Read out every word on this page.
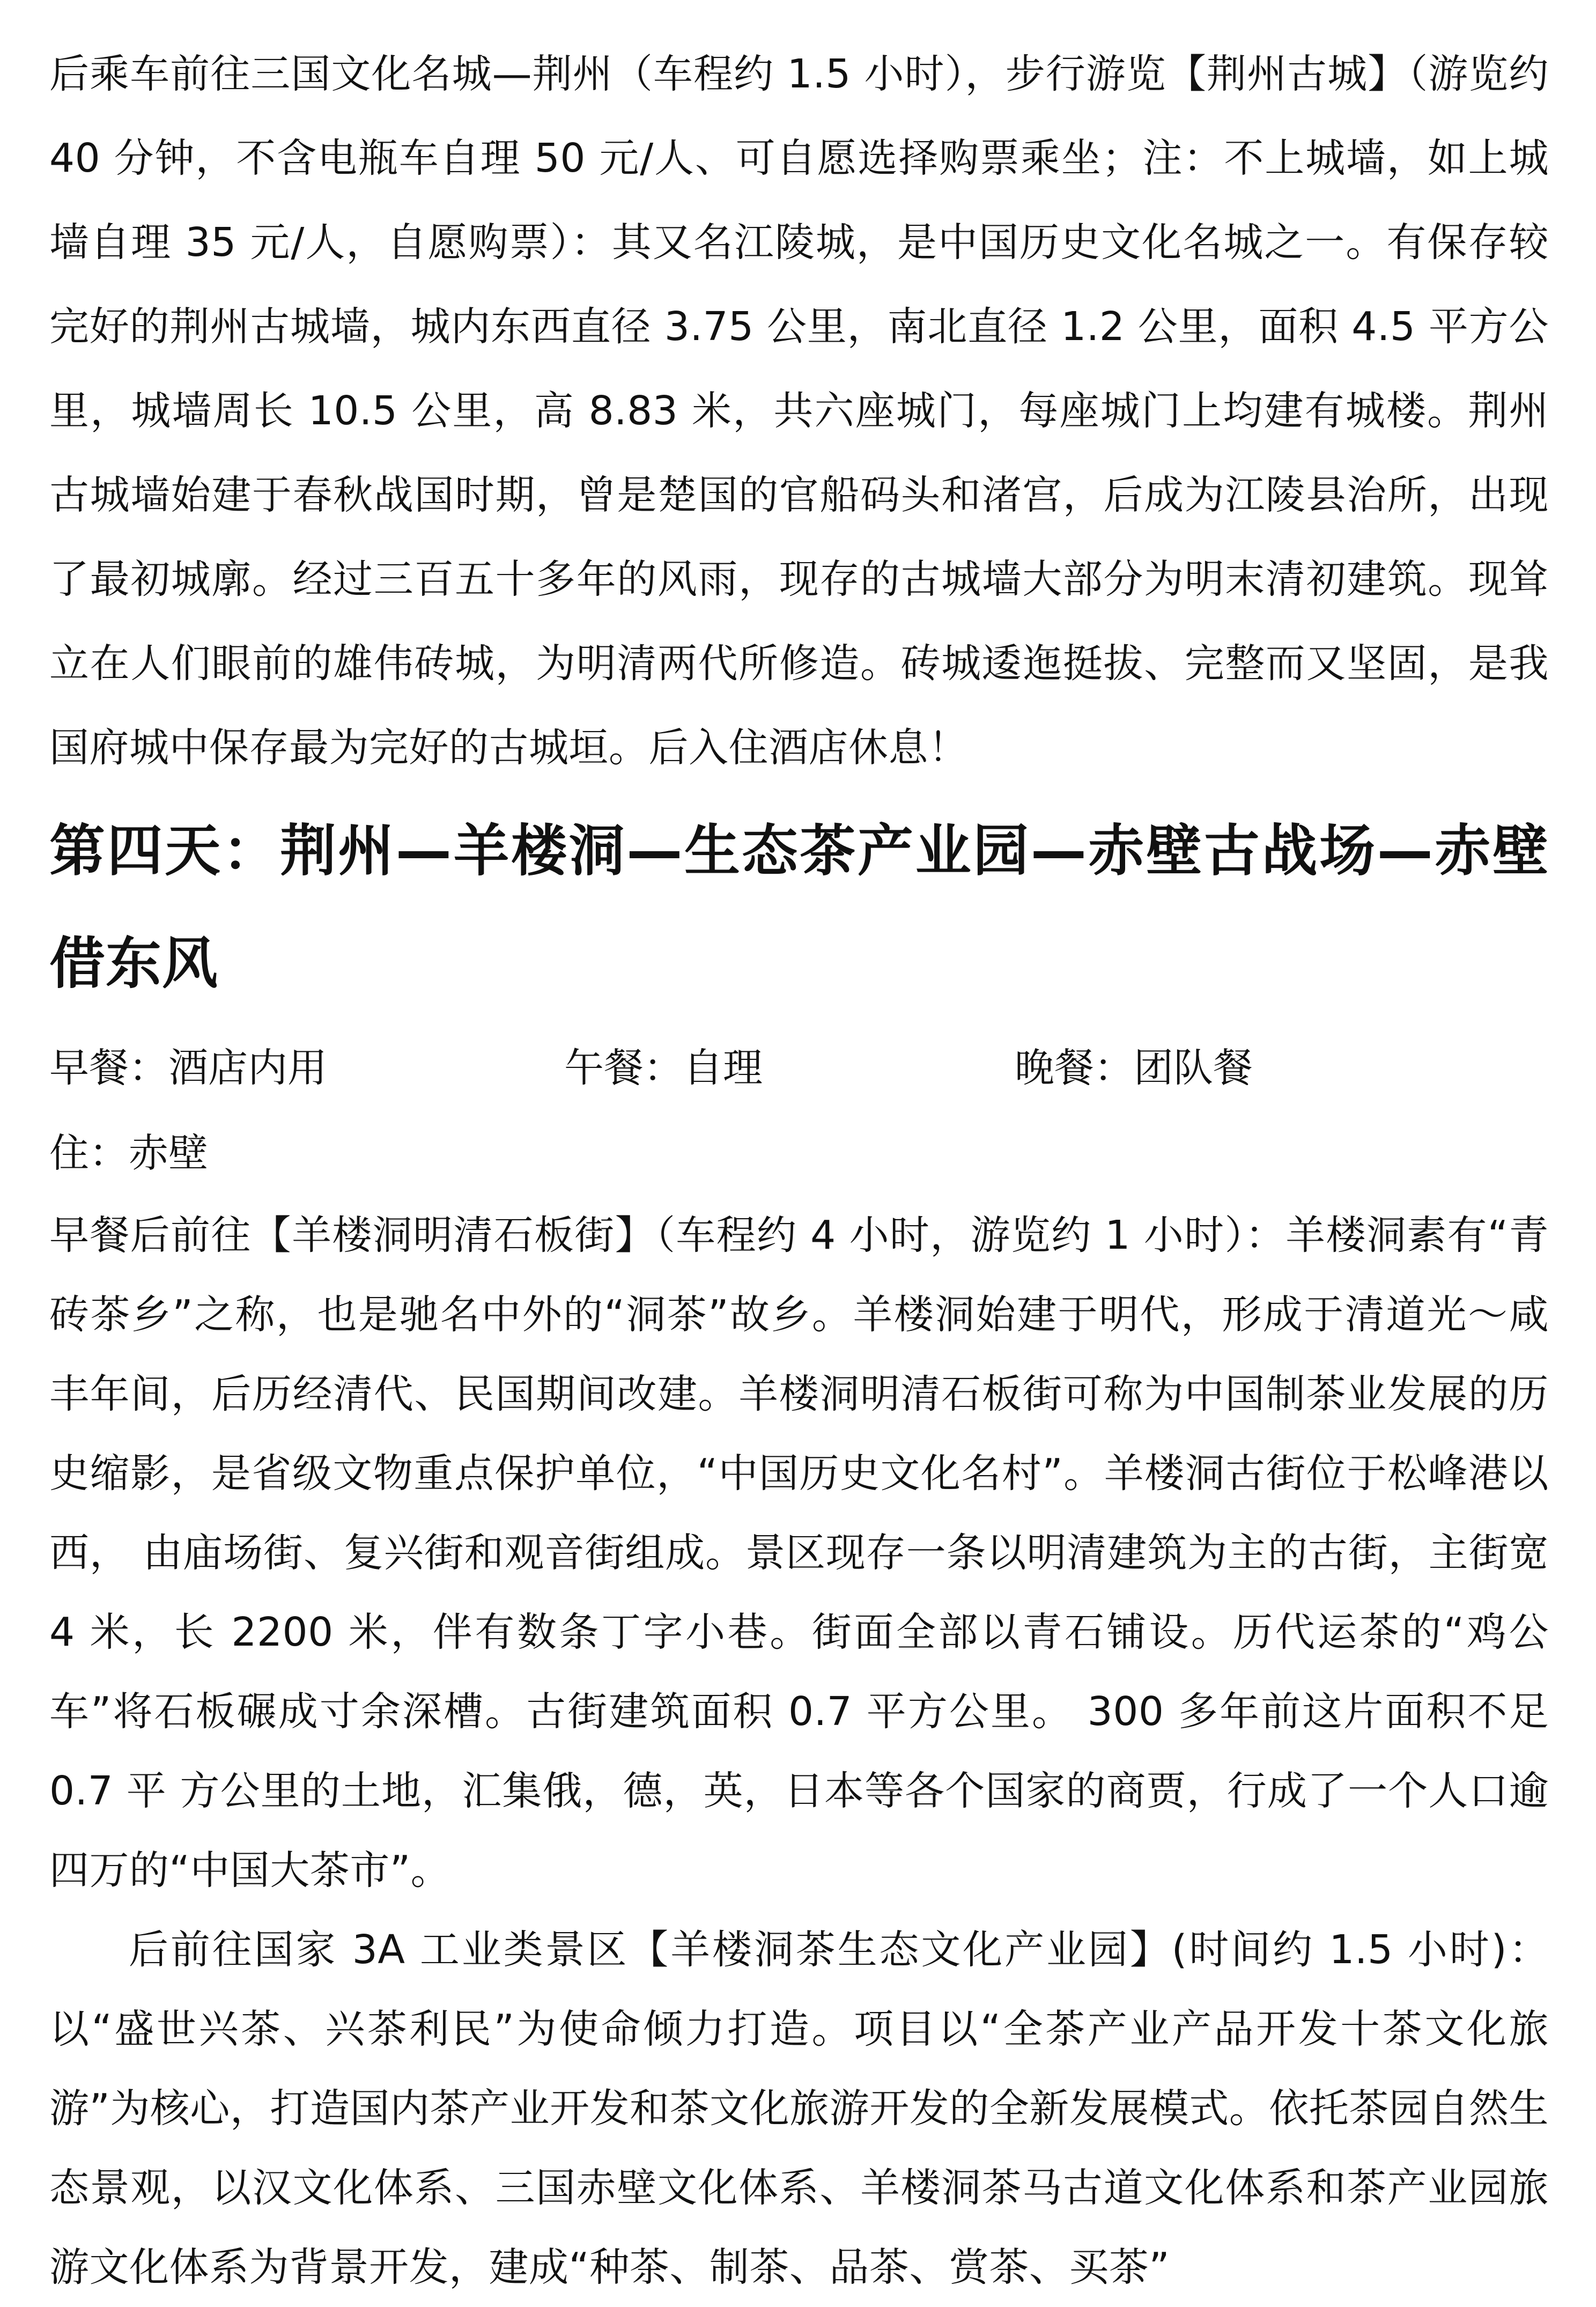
后乘车前往三国文化名城—荆州（车程约 1.5 小时），步行游览【荆州古城】（游览约 40 分钟，不含电瓶车自理 50 元/人、可自愿选择购票乘坐；注：不上城墙，如上城墙自理 35 元/人，自愿购票）：其又名江陵城，是中国历史文化名城之一。有保存较完好的荆州古城墙，城内东西直径 3.75 公里，南北直径 1.2 公里，面积 4.5 平方公里，城墙周长 10.5 公里，高 8.83 米，共六座城门，每座城门上均建有城楼。荆州古城墙始建于春秋战国时期，曾是楚国的官船码头和渚宫，后成为江陵县治所，出现了最初城廓。经过三百五十多年的风雨，现存的古城墙大部分为明末清初建筑。现耸立在人们眼前的雄伟砖城，为明清两代所修造。砖城逶迤挺拔、完整而又坚固，是我国府城中保存最为完好的古城垣。后入住酒店休息！

第四天：荆州—羊楼洞—生态茶产业园—赤壁古战场—赤壁借东风
早餐：酒店内用	午餐：自理	晚餐：团队餐
住：赤壁

早餐后前往【羊楼洞明清石板街】（车程约 4 小时，游览约 1 小时）：羊楼洞素有“青砖茶乡”之称，也是驰名中外的“洞茶”故乡。羊楼洞始建于明代，形成于清道光～咸丰年间，后历经清代、民国期间改建。羊楼洞明清石板街可称为中国制茶业发展的历史缩影，是省级文物重点保护单位，“中国历史文化名村”。羊楼洞古街位于松峰港以西， 由庙场街、复兴街和观音街组成。景区现存一条以明清建筑为主的古街，主街宽 4 米，长 2200 米，伴有数条丁字小巷。街面全部以青石铺设。历代运茶的“鸡公车”将石板碾成寸余深槽。古街建筑面积 0.7 平方公里。 300 多年前这片面积不足 0.7 平 方公里的土地，汇集俄，德，英，日本等各个国家的商贾，行成了一个人口逾四万的“中国大茶市”。

后前往国家 3A 工业类景区【羊楼洞茶生态文化产业园】(时间约 1.5 小时)：以“盛世兴茶、兴茶利民”为使命倾力打造。项目以“全茶产业产品开发十茶文化旅游”为核心，打造国内茶产业开发和茶文化旅游开发的全新发展模式。依托茶园自然生态景观，以汉文化体系、三国赤壁文化体系、羊楼洞茶马古道文化体系和茶产业园旅游文化体系为背景开发，建成“种茶、制茶、品茶、赏茶、买茶”
